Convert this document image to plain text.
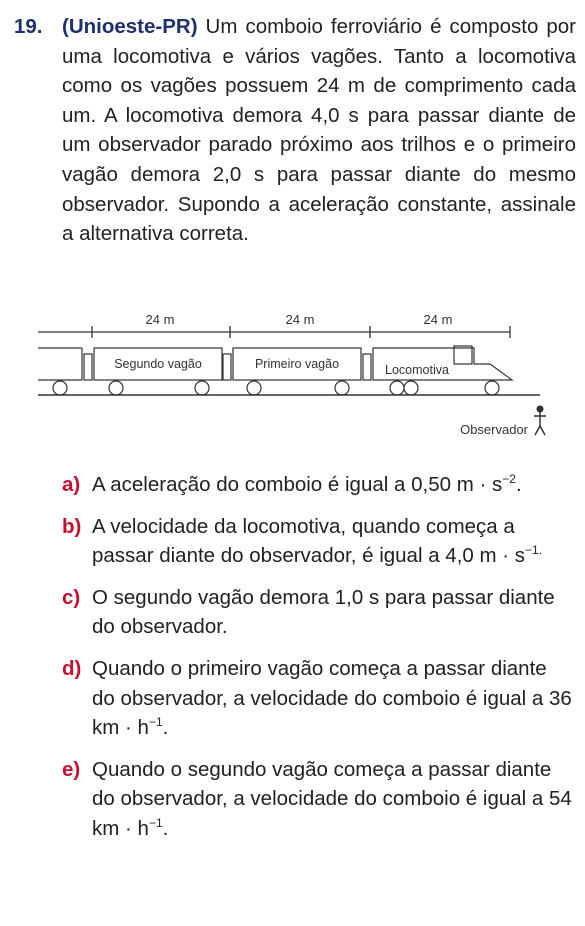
19. (Unioeste-PR) Um comboio ferroviário é composto por uma locomotiva e vários vagões. Tanto a locomotiva como os vagões possuem 24 m de comprimento cada um. A locomotiva demora 4,0 s para passar diante de um observador parado próximo aos trilhos e o primeiro vagão demora 2,0 s para passar diante do mesmo observador. Supondo a aceleração constante, assinale a alternativa correta.
24 m	24 m	24 m
Segundo vagão	Primeiro vagão	Locomotiva
Observador
a) A aceleração do comboio é igual a 0,50 $m \cdot s^{-2}$.
b) A velocidade da locomotiva, quando começa a passar diante do observador, é igual a 4,0 $m \cdot s^{-1.}$
c) O segundo vagão demora 1,0 s para passar diante do observador.
d) Quando o primeiro vagão começa a passar diante do observador, a velocidade do comboio é igual a 36 km · $h^{-1}$.
e) Quando o segundo vagão começa a passar diante do observador, a velocidade do comboio é igual a 54 km · $h^{-1}$.
